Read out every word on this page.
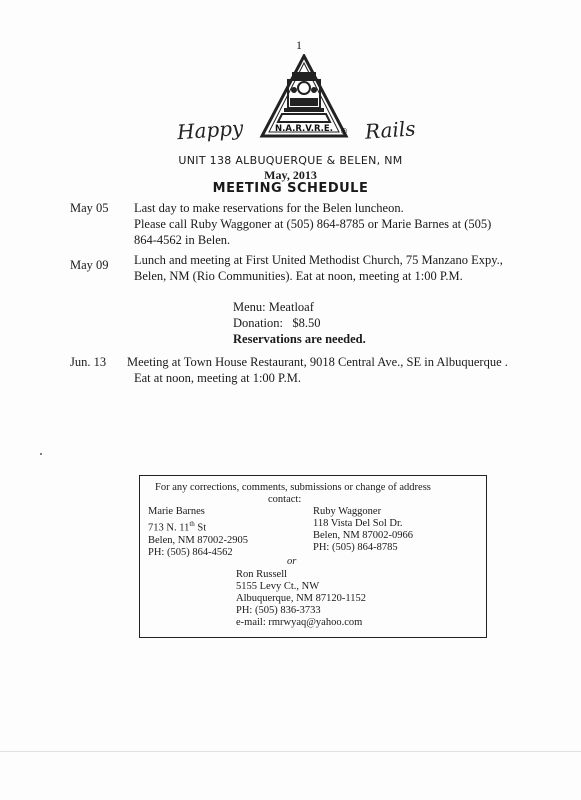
1
N.A.R.V.R.E. ®
Happy	Rails
UNIT 138 ALBUQUERQUE & BELEN, NM
May, 2013
MEETING SCHEDULE
May 05 Last day to make reservations for the Belen luncheon.
Please call Ruby Waggoner at (505) 864-8785 or Marie Barnes at (505)
864-4562 in Belen.
May 09 Lunch and meeting at First United Methodist Church, 75 Manzano Expy.,
Belen, NM (Rio Communities). Eat at noon, meeting at 1:00 P.M.
Menu: Meatloaf
Donation: $8.50
Reservations are needed.
Jun. 13 Meeting at Town House Restaurant, 9018 Central Ave., SE in Albuquerque .
Eat at noon, meeting at 1:00 P.M.
For any corrections, comments, submissions or change of address
contact:
Marie Barnes
713 N. 11th St
Belen, NM 87002-2905
PH: (505) 864-4562
Ruby Waggoner
118 Vista Del Sol Dr.
Belen, NM 87002-0966
PH: (505) 864-8785
or
Ron Russell
5155 Levy Ct., NW
Albuquerque, NM 87120-1152
PH: (505) 836-3733
e-mail: rmrwyaq@yahoo.com
